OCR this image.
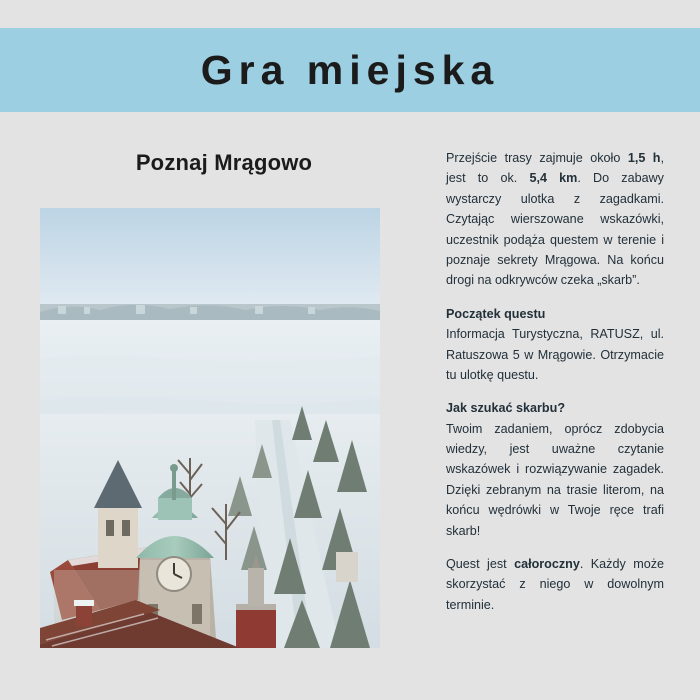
Gra miejska
Poznaj Mrągowo	Przejście trasy zajmuje około 1,5 h, jest to ok. 5,4 km. Do zabawy wystarczy ulotka z zagadkami. Czytając wierszowane wskazówki, uczestnik podąża questem w terenie i poznaje sekrety Mrągowa. Na końcu drogi na odkrywców czeka „skarb”.

Początek questu

Informacja Turystyczna, RATUSZ, ul. Ratuszowa 5 w Mrągowie. Otrzymacie tu ulotkę questu.

Jak szukać skarbu?

Twoim zadaniem, oprócz zdobycia wiedzy, jest uważne czytanie wskazówek i rozwiązywanie zagadek. Dzięki zebranym na trasie literom, na końcu wędrówki w Twoje ręce trafi skarb!

Quest jest całoroczny. Każdy może skorzystać z niego w dowolnym terminie.
